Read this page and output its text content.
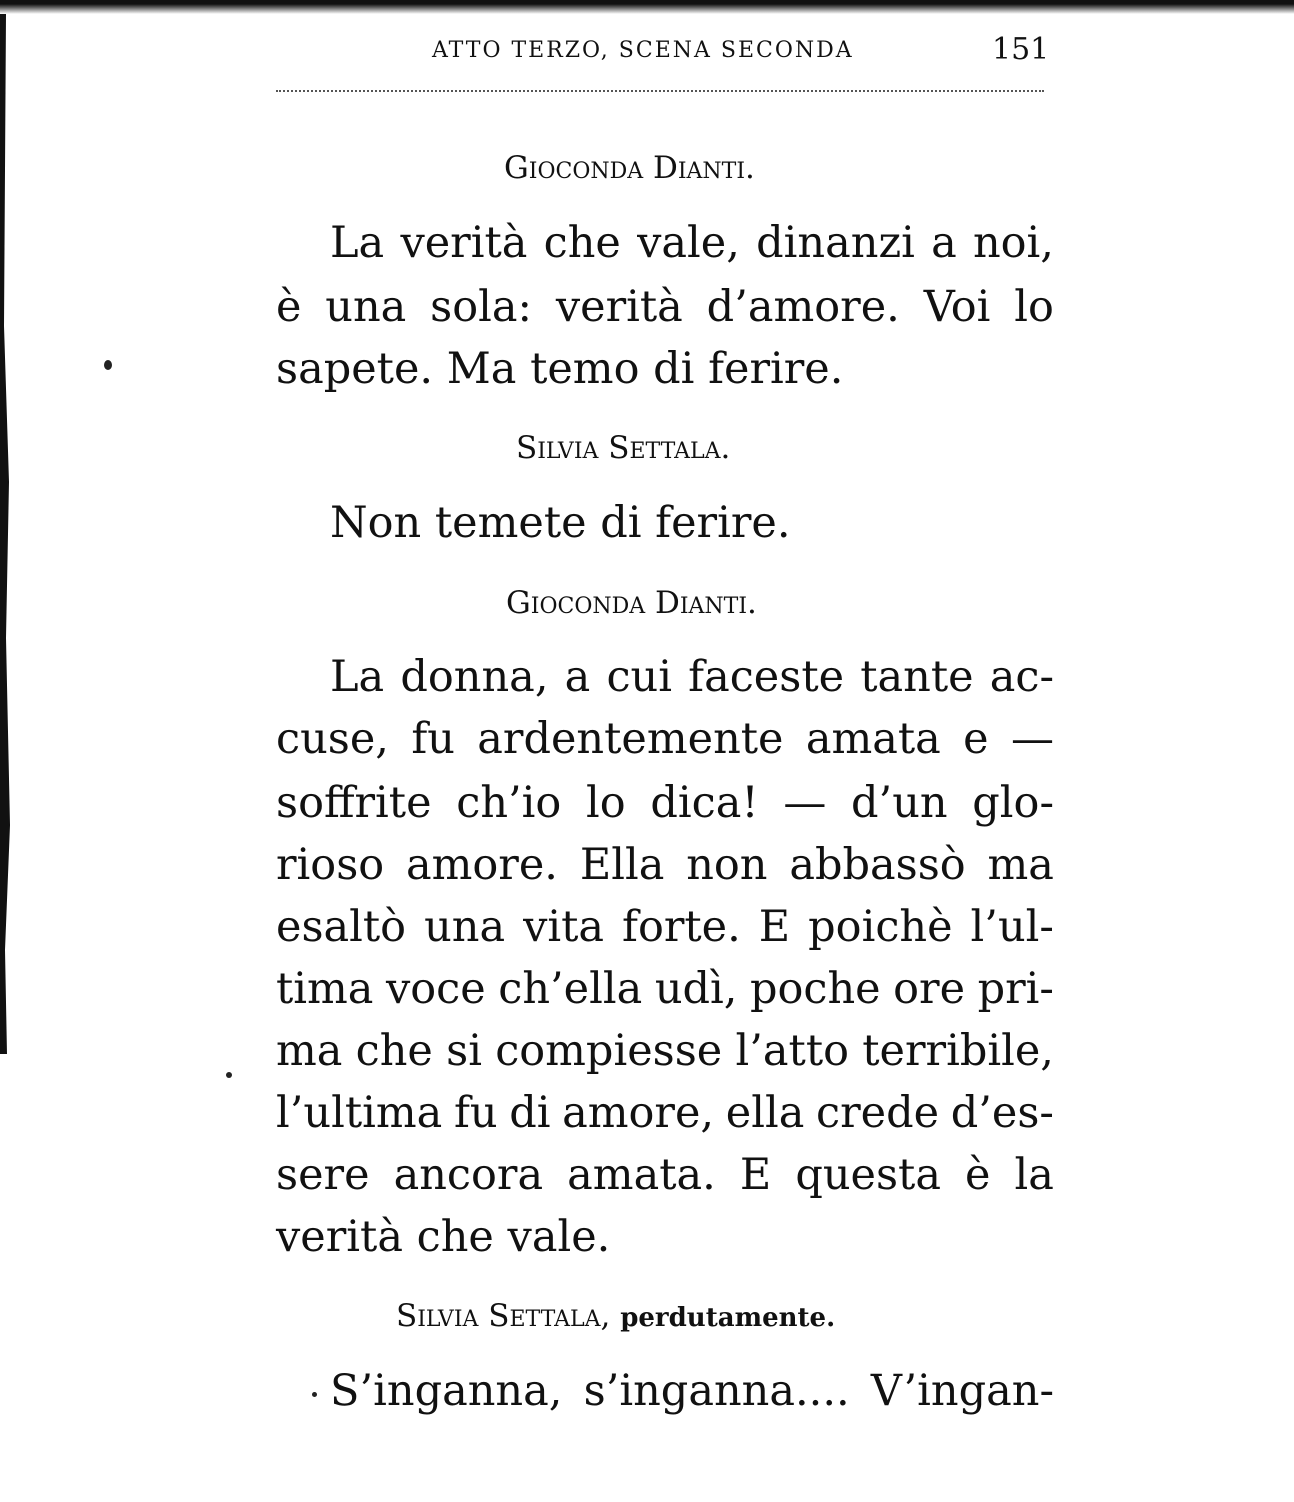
ATTO TERZO, SCENA SECONDA	151
Gioconda Dianti.
La verità che vale, dinanzi a noi,
è una sola: verità d’amore. Voi lo
sapete. Ma temo di ferire.
Silvia Settala.
Non temete di ferire.
Gioconda Dianti.
La donna, a cui faceste tante ac-
cuse, fu ardentemente amata e —
soffrite ch’io lo dica! — d’un glo-
rioso amore. Ella non abbassò ma
esaltò una vita forte. E poichè l’ul-
tima voce ch’ella udì, poche ore pri-
ma che si compiesse l’atto terribile,
l’ultima fu di amore, ella crede d’es-
sere ancora amata. E questa è la
verità che vale.
Silvia Settala, perdutamente.
S’inganna, s’inganna.... V’ingan-
